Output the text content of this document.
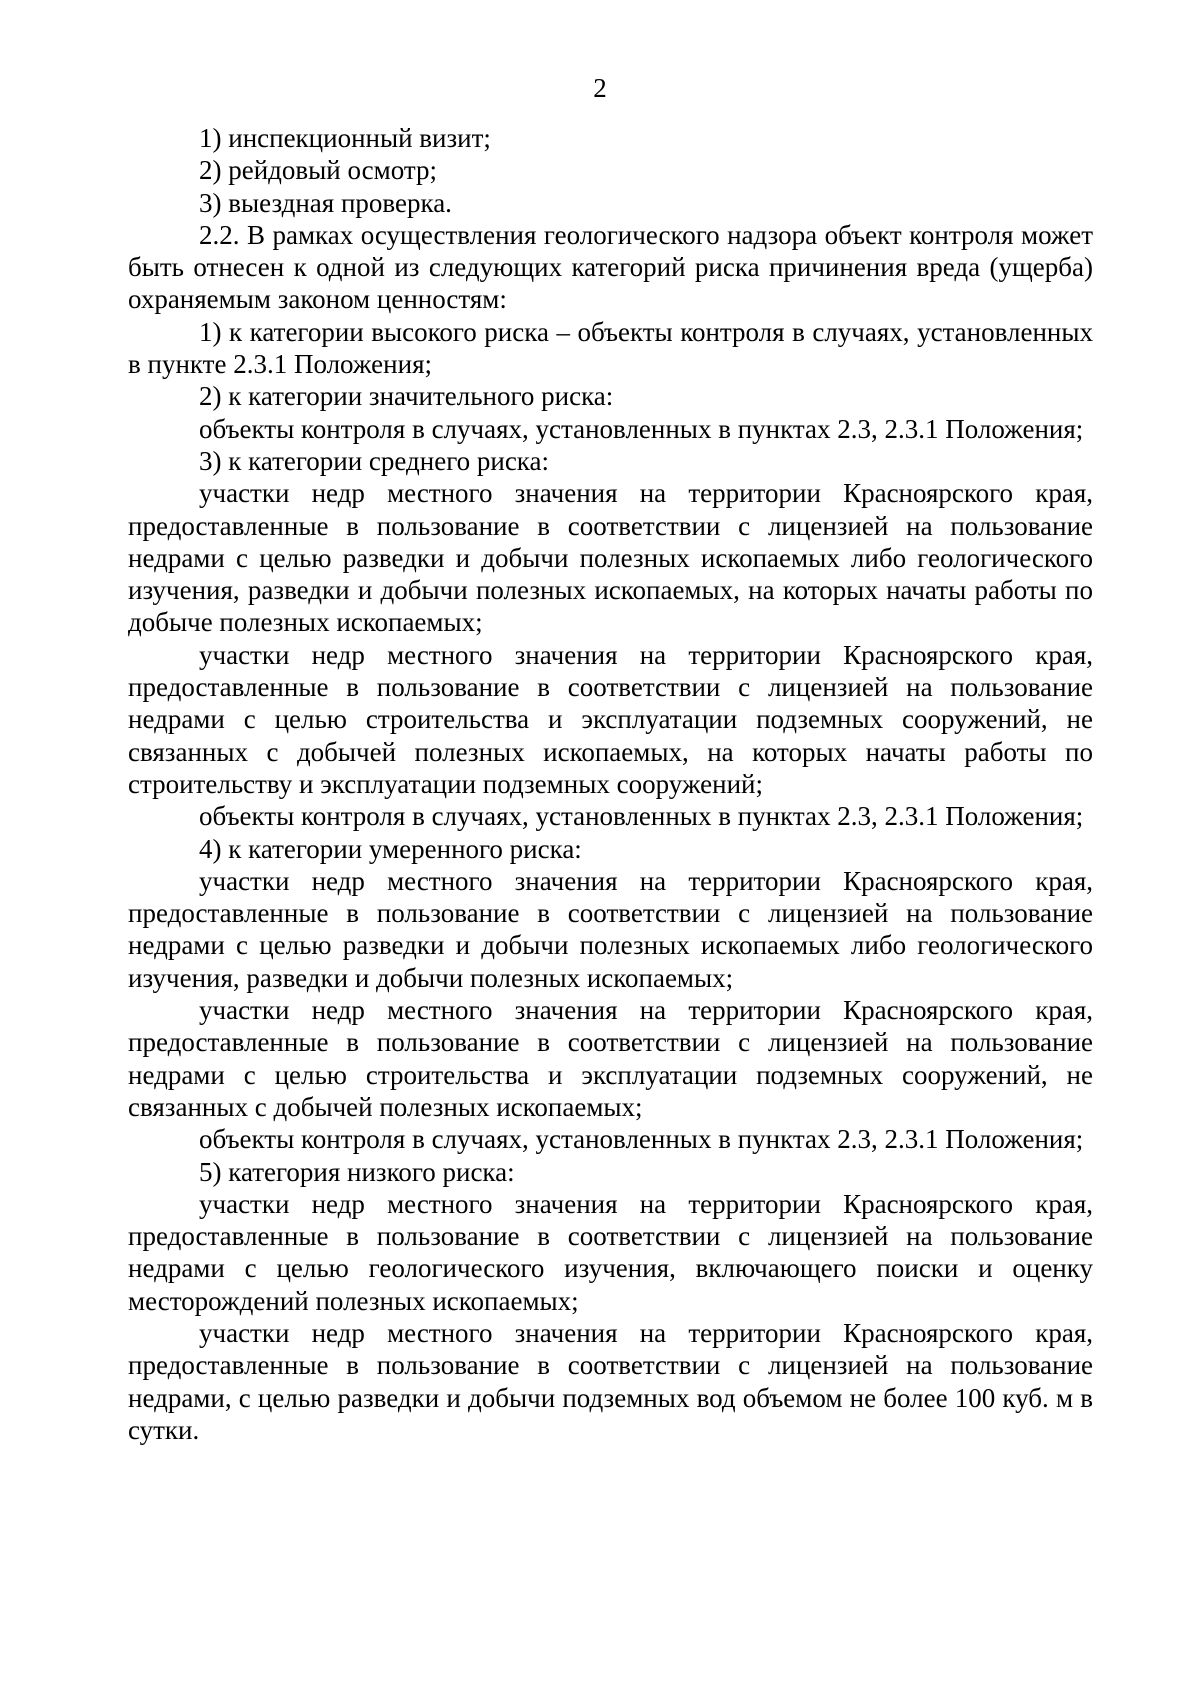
2

1) инспекционный визит;

2) рейдовый осмотр;

3) выездная проверка.

2.2. В рамках осуществления геологического надзора объект контроля может быть отнесен к одной из следующих категорий риска причинения вреда (ущерба) охраняемым законом ценностям:

1) к категории высокого риска – объекты контроля в случаях, установленных в пункте 2.3.1 Положения;

2) к категории значительного риска:

объекты контроля в случаях, установленных в пунктах 2.3, 2.3.1 Положения;

3) к категории среднего риска:

участки недр местного значения на территории Красноярского края, предоставленные в пользование в соответствии с лицензией на пользование недрами с целью разведки и добычи полезных ископаемых либо геологического изучения, разведки и добычи полезных ископаемых, на которых начаты работы по добыче полезных ископаемых;

участки недр местного значения на территории Красноярского края, предоставленные в пользование в соответствии с лицензией на пользование недрами с целью строительства и эксплуатации подземных сооружений, не связанных с добычей полезных ископаемых, на которых начаты работы по строительству и эксплуатации подземных сооружений;

объекты контроля в случаях, установленных в пунктах 2.3, 2.3.1 Положения;

4) к категории умеренного риска:

участки недр местного значения на территории Красноярского края, предоставленные в пользование в соответствии с лицензией на пользование недрами с целью разведки и добычи полезных ископаемых либо геологического изучения, разведки и добычи полезных ископаемых;

участки недр местного значения на территории Красноярского края, предоставленные в пользование в соответствии с лицензией на пользование недрами с целью строительства и эксплуатации подземных сооружений, не связанных с добычей полезных ископаемых;

объекты контроля в случаях, установленных в пунктах 2.3, 2.3.1 Положения;

5) категория низкого риска:

участки недр местного значения на территории Красноярского края, предоставленные в пользование в соответствии с лицензией на пользование недрами с целью геологического изучения, включающего поиски и оценку месторождений полезных ископаемых;

участки недр местного значения на территории Красноярского края, предоставленные в пользование в соответствии с лицензией на пользование недрами, с целью разведки и добычи подземных вод объемом не более 100 куб. м в сутки.
